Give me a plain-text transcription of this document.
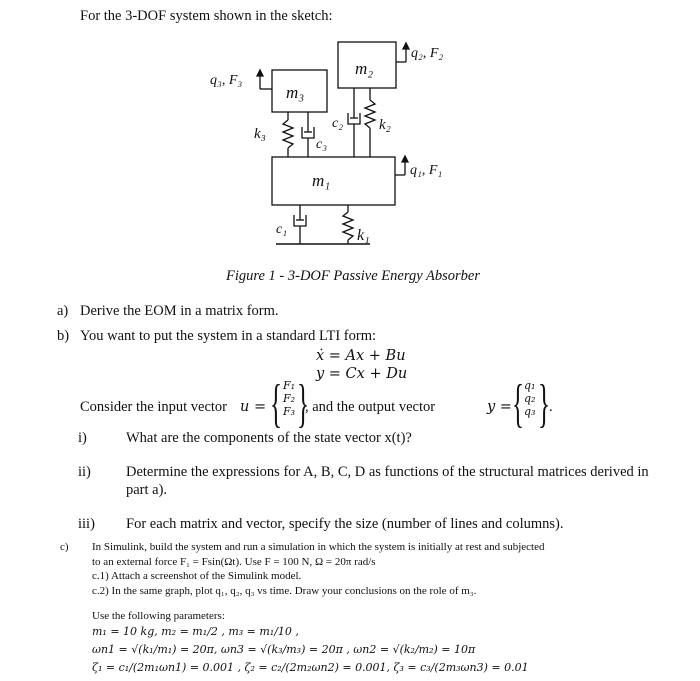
For the 3-DOF system shown in the sketch:
m₁
m₂
m₃
k₃
c₃
c₂ k₂
c₁	k₁
q₁, F₁
q₂, F₂
q₃, F₃
Figure 1 - 3-DOF Passive Energy Absorber
a) Derive the EOM in a matrix form.
b) You want to put the system in a standard LTI form:
ẋ = Ax + Bu
y = Cx + Du
Consider the input vector u = { F₁
F₂
F₃ }
, and the output vector	y = { q₁
q₂
q₃ } .
i)	What are the components of the state vector x(t)?
ii) Determine the expressions for A, B, C, D as functions of the structural matrices derived in
part a).
iii) For each matrix and vector, specify the size (number of lines and columns).
c) In Simulink, build the system and run a simulation in which the system is initially at rest and subjected
to an external force F₁ = Fsin(Ωt). Use F = 100 N, Ω = 20π rad/s
c.1) Attach a screenshot of the Simulink model.
c.2) In the same graph, plot q₁, q₂, q₃ vs time. Draw your conclusions on the role of m₃.
Use the following parameters:
m₁ = 10 kg, m₂ = m₁/2 , m₃ = m₁/10 ,
ωn1 = √(k₁/m₁) = 20π, ωn3 = √(k₃/m₃) = 20π , ωn2 = √(k₂/m₂) = 10π
ζ₁ = c₁/(2m₁ωn1) = 0.001 , ζ₂ = c₂/(2m₂ωn2) = 0.001, ζ₃ = c₃/(2m₃ωn3) = 0.01
